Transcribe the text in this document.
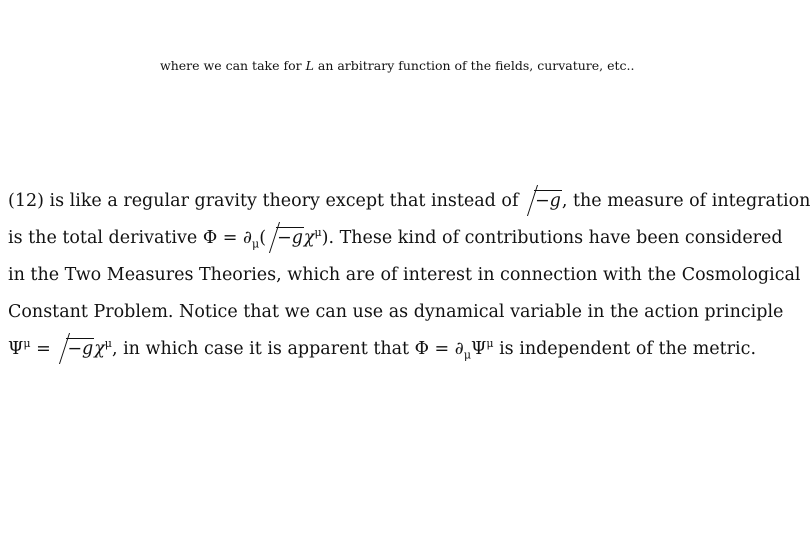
where we can take for L an arbitrary function of the fields, curvature, etc..
(12) is like a regular gravity theory except that instead of −g, the measure of integration
is the total derivative $\Phi = \partial_\mu( -g\chi^\mu)$. These kind of contributions have been considered
in the Two Measures Theories, which are of interest in connection with the Cosmological
Constant Problem. Notice that we can use as dynamical variable in the action principle
$\Psi^\mu = -g\chi^\mu$, in which case it is apparent that $\Phi = \partial_\mu\Psi^\mu$ is independent of the metric.
